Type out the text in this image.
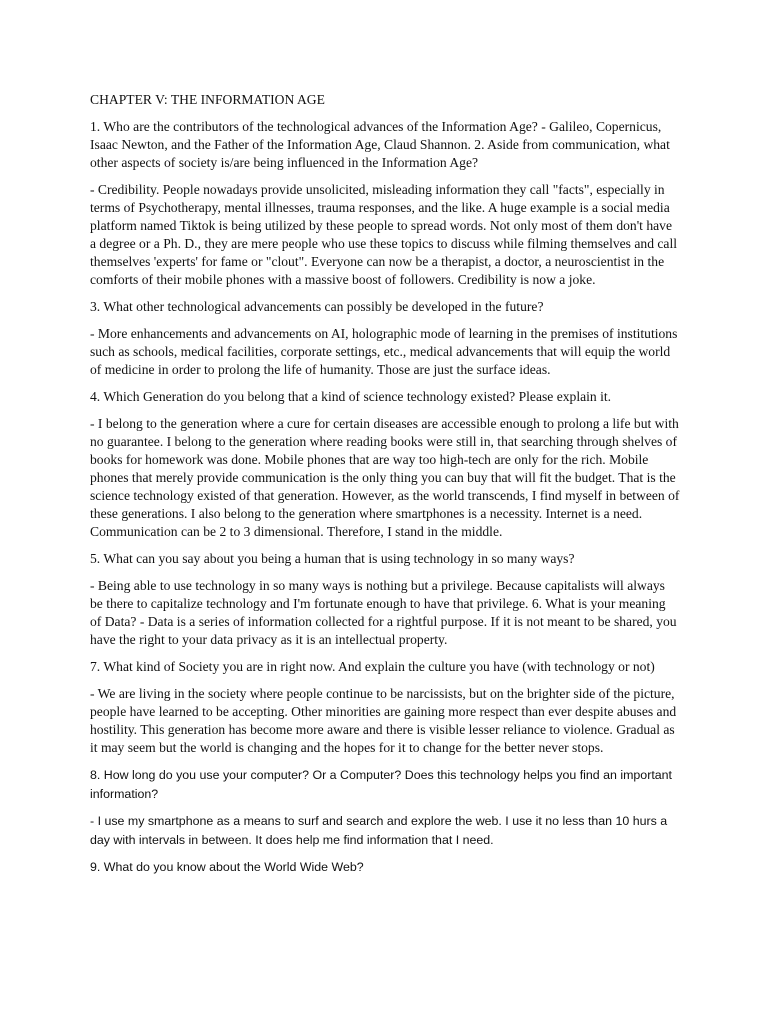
CHAPTER V: THE INFORMATION AGE

1. Who are the contributors of the technological advances of the Information Age? - Galileo, Copernicus, Isaac Newton, and the Father of the Information Age, Claud Shannon. 2. Aside from communication, what other aspects of society is/are being influenced in the Information Age?

- Credibility. People nowadays provide unsolicited, misleading information they call "facts", especially in terms of Psychotherapy, mental illnesses, trauma responses, and the like. A huge example is a social media platform named Tiktok is being utilized by these people to spread words. Not only most of them don't have a degree or a Ph. D., they are mere people who use these topics to discuss while filming themselves and call themselves 'experts' for fame or "clout". Everyone can now be a therapist, a doctor, a neuroscientist in the comforts of their mobile phones with a massive boost of followers. Credibility is now a joke.

3. What other technological advancements can possibly be developed in the future?

- More enhancements and advancements on AI, holographic mode of learning in the premises of institutions such as schools, medical facilities, corporate settings, etc., medical advancements that will equip the world of medicine in order to prolong the life of humanity. Those are just the surface ideas.

4. Which Generation do you belong that a kind of science technology existed? Please explain it.

- I belong to the generation where a cure for certain diseases are accessible enough to prolong a life but with no guarantee. I belong to the generation where reading books were still in, that searching through shelves of books for homework was done. Mobile phones that are way too high-tech are only for the rich. Mobile phones that merely provide communication is the only thing you can buy that will fit the budget. That is the science technology existed of that generation. However, as the world transcends, I find myself in between of these generations. I also belong to the generation where smartphones is a necessity. Internet is a need. Communication can be 2 to 3 dimensional. Therefore, I stand in the middle.

5. What can you say about you being a human that is using technology in so many ways?

- Being able to use technology in so many ways is nothing but a privilege. Because capitalists will always be there to capitalize technology and I'm fortunate enough to have that privilege. 6. What is your meaning of Data? - Data is a series of information collected for a rightful purpose. If it is not meant to be shared, you have the right to your data privacy as it is an intellectual property.

7. What kind of Society you are in right now. And explain the culture you have (with technology or not)

- We are living in the society where people continue to be narcissists, but on the brighter side of the picture, people have learned to be accepting. Other minorities are gaining more respect than ever despite abuses and hostility. This generation has become more aware and there is visible lesser reliance to violence. Gradual as it may seem but the world is changing and the hopes for it to change for the better never stops.

8. How long do you use your computer? Or a Computer? Does this technology helps you find an important information?

- I use my smartphone as a means to surf and search and explore the web. I use it no less than 10 hurs a day with intervals in between. It does help me find information that I need.

9. What do you know about the World Wide Web?
